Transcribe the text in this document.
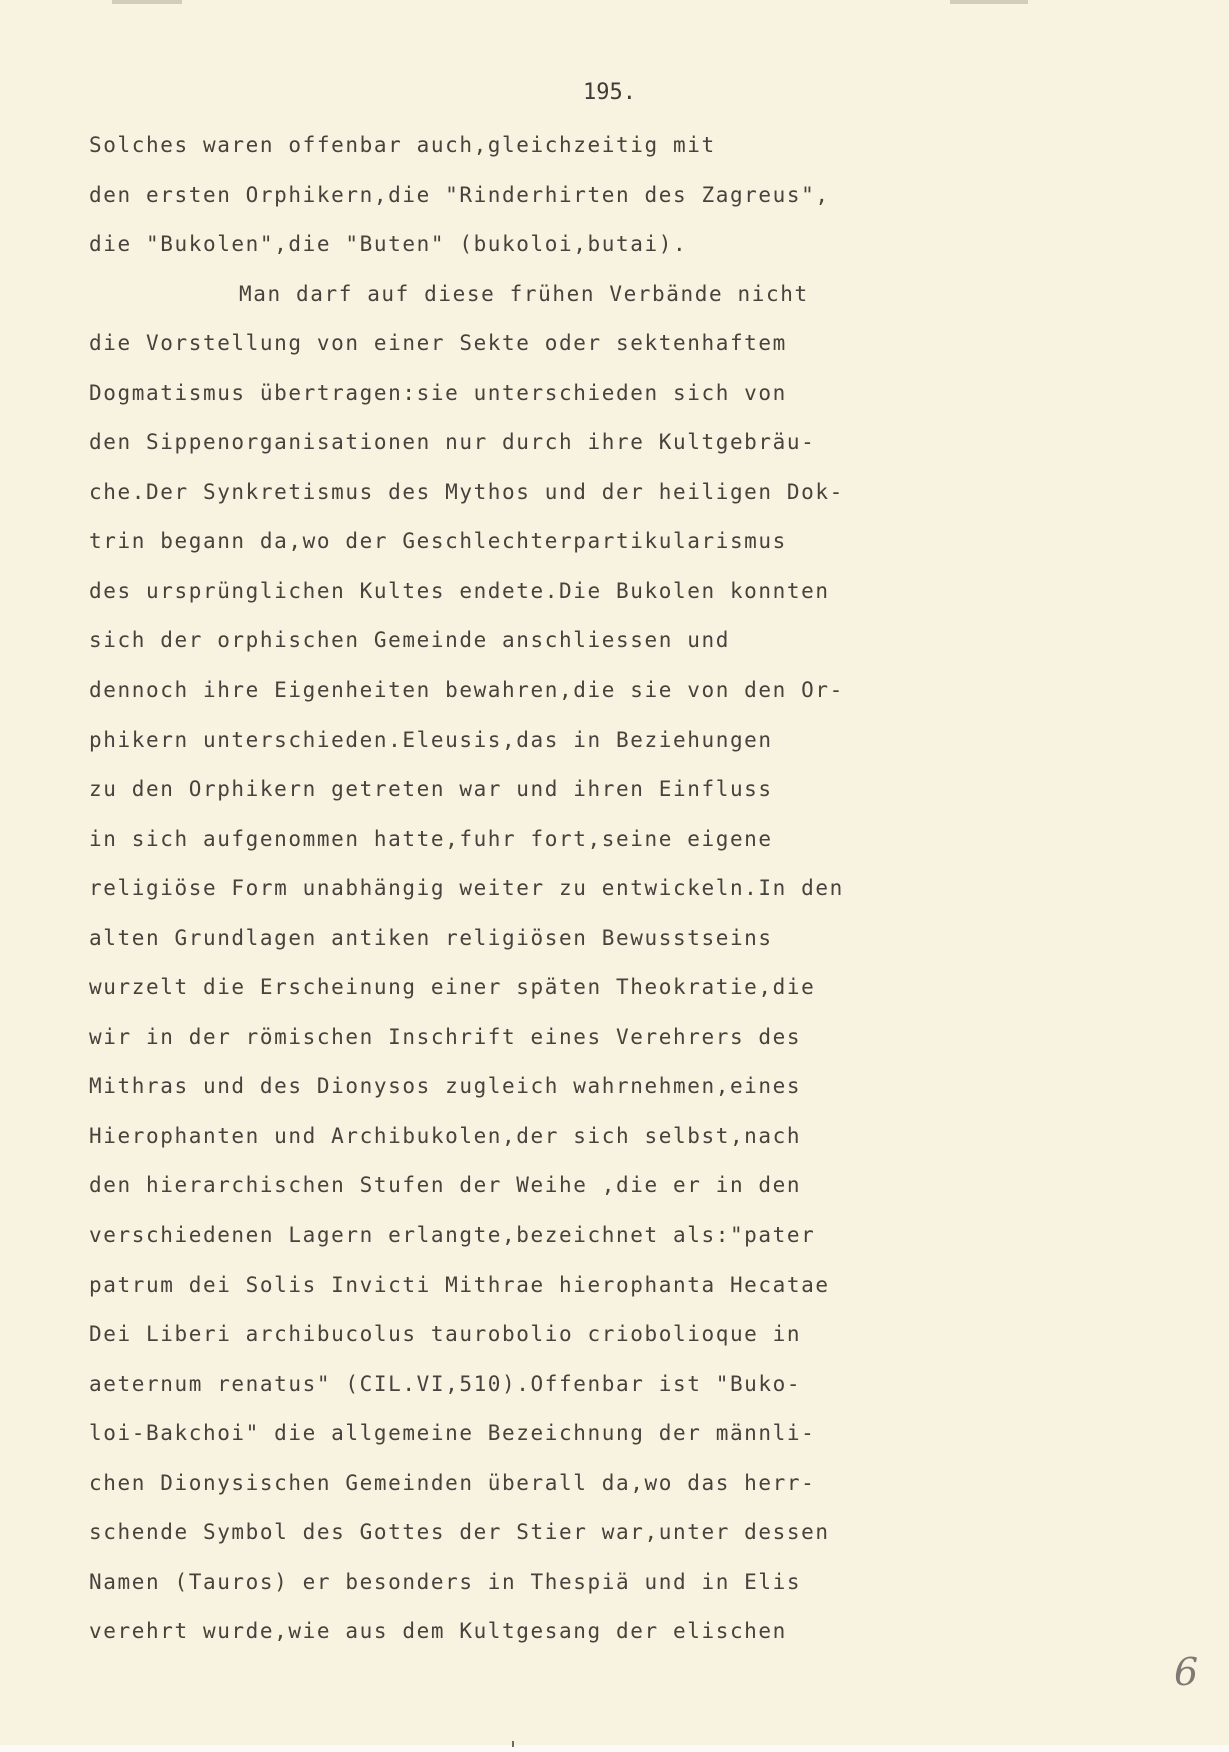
195.

Solches waren offenbar auch,gleichzeitig mit
den ersten Orphikern,die "Rinderhirten des Zagreus",
die "Bukolen",die "Buten" (bukoloi,butai).
Man darf auf diese frühen Verbände nicht
die Vorstellung von einer Sekte oder sektenhaftem
Dogmatismus übertragen:sie unterschieden sich von
den Sippenorganisationen nur durch ihre Kultgebräu-
che.Der Synkretismus des Mythos und der heiligen Dok-
trin begann da,wo der Geschlechterpartikularismus
des ursprünglichen Kultes endete.Die Bukolen konnten
sich der orphischen Gemeinde anschliessen und
dennoch ihre Eigenheiten bewahren,die sie von den Or-
phikern unterschieden.Eleusis,das in Beziehungen
zu den Orphikern getreten war und ihren Einfluss
in sich aufgenommen hatte,fuhr fort,seine eigene
religiöse Form unabhängig weiter zu entwickeln.In den
alten Grundlagen antiken religiösen Bewusstseins
wurzelt die Erscheinung einer späten Theokratie,die
wir in der römischen Inschrift eines Verehrers des
Mithras und des Dionysos zugleich wahrnehmen,eines
Hierophanten und Archibukolen,der sich selbst,nach
den hierarchischen Stufen der Weihe ,die er in den
verschiedenen Lagern erlangte,bezeichnet als:"pater
patrum dei Solis Invicti Mithrae hierophanta Hecatae
Dei Liberi archibucolus taurobolio criobolioque in
aeternum renatus" (CIL.VI,510).Offenbar ist "Buko-
loi-Bakchoi" die allgemeine Bezeichnung der männli-
chen Dionysischen Gemeinden überall da,wo das herr-
schende Symbol des Gottes der Stier war,unter dessen
Namen (Tauros) er besonders in Thespiä und in Elis
verehrt wurde,wie aus dem Kultgesang der elischen

6
